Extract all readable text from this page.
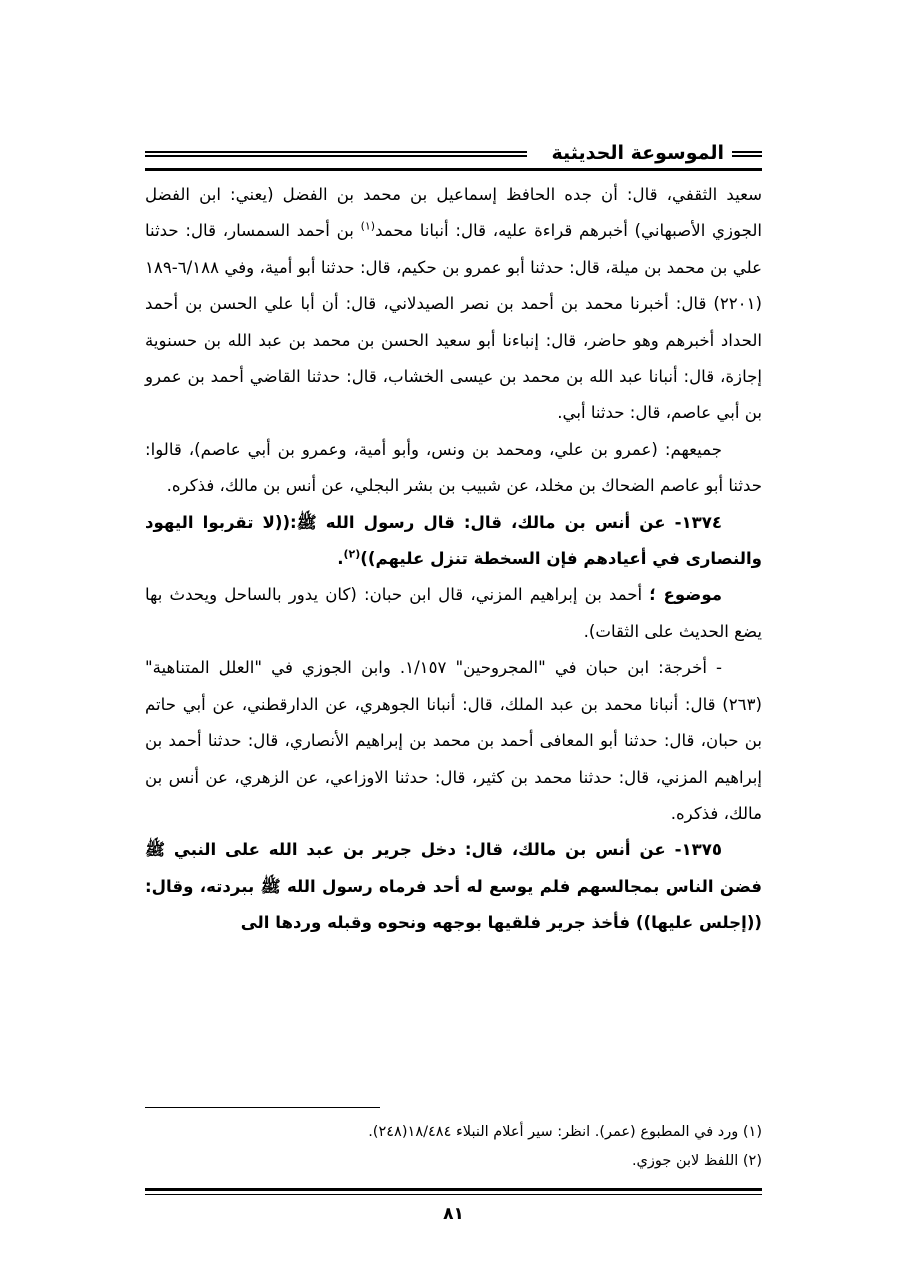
الموسوعة الحديثية

سعيد الثقفي، قال: أن جده الحافظ إسماعيل بن محمد بن الفضل (يعني: ابن الفضل الجوزي الأصبهاني) أخبرهم قراءة عليه، قال: أنبانا محمد$^{(١)}$ بن أحمد السمسار، قال: حدثنا علي بن محمد بن ميلة، قال: حدثنا أبو عمرو بن حكيم، قال: حدثنا أبو أمية، وفي ٦/١٨٨-١٨٩ (٢٢٠١) قال: أخبرنا محمد بن أحمد بن نصر الصيدلاني، قال: أن أبا علي الحسن بن أحمد الحداد أخبرهم وهو حاضر، قال: إنباءنا أبو سعيد الحسن بن محمد بن عبد الله بن حسنوية إجازة، قال: أنبانا عبد الله بن محمد بن عيسى الخشاب، قال: حدثنا القاضي أحمد بن عمرو بن أبي عاصم، قال: حدثنا أبي.

جميعهم: (عمرو بن علي، ومحمد بن ونس، وأبو أمية، وعمرو بن أبي عاصم)، قالوا: حدثنا أبو عاصم الضحاك بن مخلد، عن شبيب بن بشر البجلي، عن أنس بن مالك، فذكره.

١٣٧٤- عن أنس بن مالك، قال: قال رسول الله ﷺ:((لا تقربوا اليهود والنصارى في أعيادهم فإن السخطة تنزل عليهم))$^{(٢)}$.

موضوع ؛ أحمد بن إبراهيم المزني، قال ابن حبان: (كان يدور بالساحل ويحدث بها يضع الحديث على الثقات).

- أخرجة: ابن حبان في "المجروحين" ١/١٥٧. وابن الجوزي في "العلل المتناهية" (٢٦٣) قال: أنبانا محمد بن عبد الملك، قال: أنبانا الجوهري، عن الدارقطني، عن أبي حاتم بن حبان، قال: حدثنا أبو المعافى أحمد بن محمد بن إبراهيم الأنصاري، قال: حدثنا أحمد بن إبراهيم المزني، قال: حدثنا محمد بن كثير، قال: حدثنا الاوزاعي، عن الزهري، عن أنس بن مالك، فذكره.

١٣٧٥- عن أنس بن مالك، قال: دخل جرير بن عبد الله على النبي ﷺ فضن الناس بمجالسهم فلم يوسع له أحد فرماه رسول الله ﷺ ببردته، وقال: ((إجلس عليها)) فأخذ جرير فلقيها بوجهه ونحوه وقبله وردها الى

(١) ورد في المطبوع (عمر). انظر: سير أعلام النبلاء ١٨/٤٨٤(٢٤٨).

(٢) اللفظ لابن جوزي.

٨١
